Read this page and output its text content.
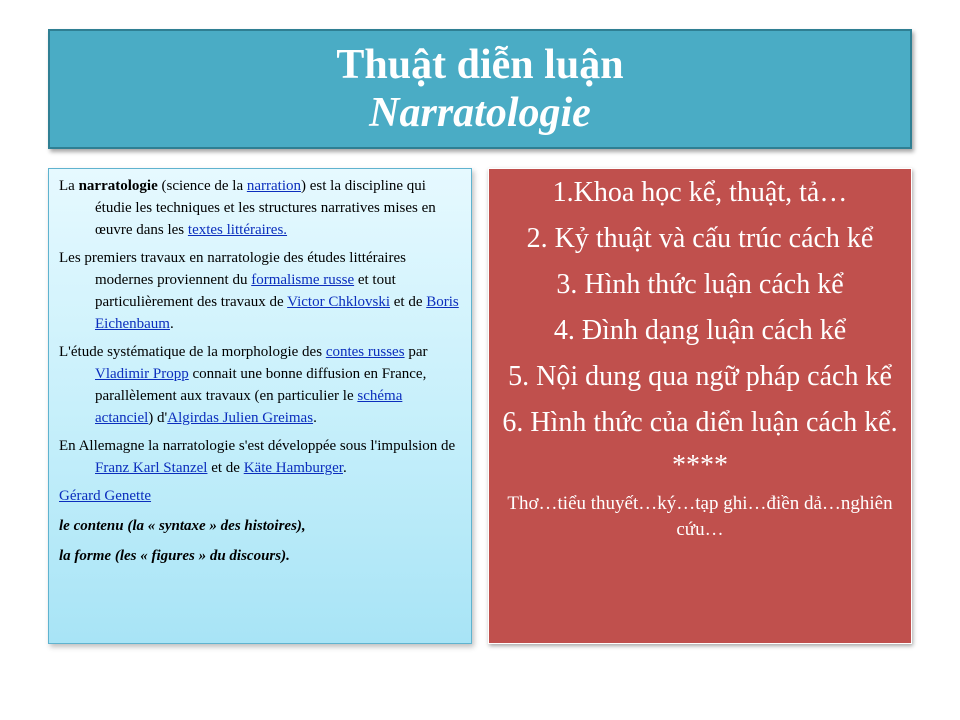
Thuật diễn luận
Narratologie

La narratologie (science de la narration) est la discipline qui étudie les techniques et les structures narratives mises en œuvre dans les textes littéraires.

Les premiers travaux en narratologie des études littéraires modernes proviennent du formalisme russe et tout particulièrement des travaux de Victor Chklovski et de Boris Eichenbaum.

L'étude systématique de la morphologie des contes russes par Vladimir Propp connait une bonne diffusion en France, parallèlement aux travaux (en particulier le schéma actanciel) d'Algirdas Julien Greimas.

En Allemagne la narratologie s'est développée sous l'impulsion de Franz Karl Stanzel et de Käte Hamburger.

Gérard Genette

le contenu (la « syntaxe » des histoires),

la forme (les « figures » du discours).

1.Khoa học kể, thuật, tả…
2. Kỷ thuật và cấu trúc cách kể
3. Hình thức luận cách kể
4. Đình dạng luận cách kể
5. Nội dung qua ngữ pháp cách kể
6. Hình thức của diển luận cách kể.
****
Thơ…tiểu thuyết…ký…tạp ghi…điền dả…nghiên cứu…
